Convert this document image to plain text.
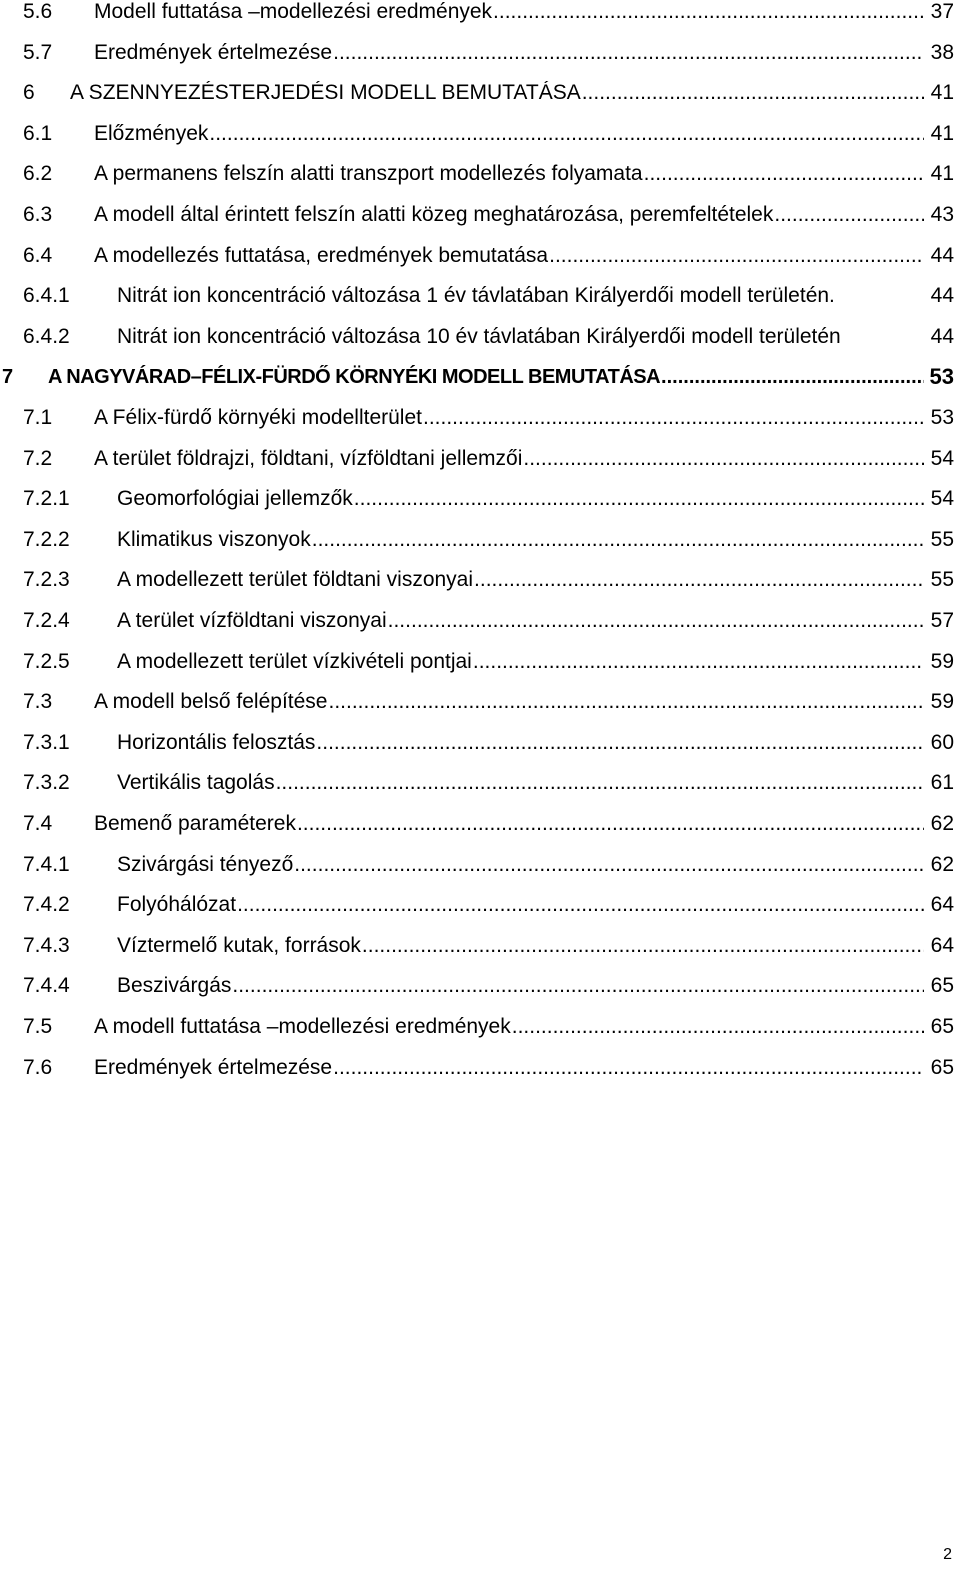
5.6 Modell futtatása –modellezési eredmények .....	37
5.7 Eredmények értelmezése .....	38
6 A SZENNYEZÉSTERJEDÉSI MODELL BEMUTATÁSA .....	41
6.1 Előzmények .....	41
6.2 A permanens felszín alatti transzport modellezés folyamata .....	41
6.3 A modell által érintett felszín alatti közeg meghatározása, peremfeltételek .....	43
6.4 A modellezés futtatása, eredmények bemutatása .....	44
6.4.1 Nitrát ion koncentráció változása 1 év távlatában Királyerdői modell területén.	44
6.4.2 Nitrát ion koncentráció változása 10 év távlatában Királyerdői modell területén	44
7 A NAGYVÁRAD–FÉLIX-FÜRDŐ KÖRNYÉKI MODELL BEMUTATÁSA .....	53
7.1 A Félix-fürdő környéki modellterület .....	53
7.2 A terület földrajzi, földtani, vízföldtani jellemzői .....	54
7.2.1 Geomorfológiai jellemzők .....	54
7.2.2 Klimatikus viszonyok .....	55
7.2.3 A modellezett terület földtani viszonyai .....	55
7.2.4 A terület vízföldtani viszonyai .....	57
7.2.5 A modellezett terület vízkivételi pontjai .....	59
7.3 A modell belső felépítése .....	59
7.3.1 Horizontális felosztás .....	60
7.3.2 Vertikális tagolás .....	61
7.4 Bemenő paraméterek .....	62
7.4.1 Szivárgási tényező .....	62
7.4.2 Folyóhálózat .....	64
7.4.3 Víztermelő kutak, források .....	64
7.4.4 Beszivárgás .....	65
7.5 A modell futtatása –modellezési eredmények .....	65
7.6 Eredmények értelmezése .....	65
2
